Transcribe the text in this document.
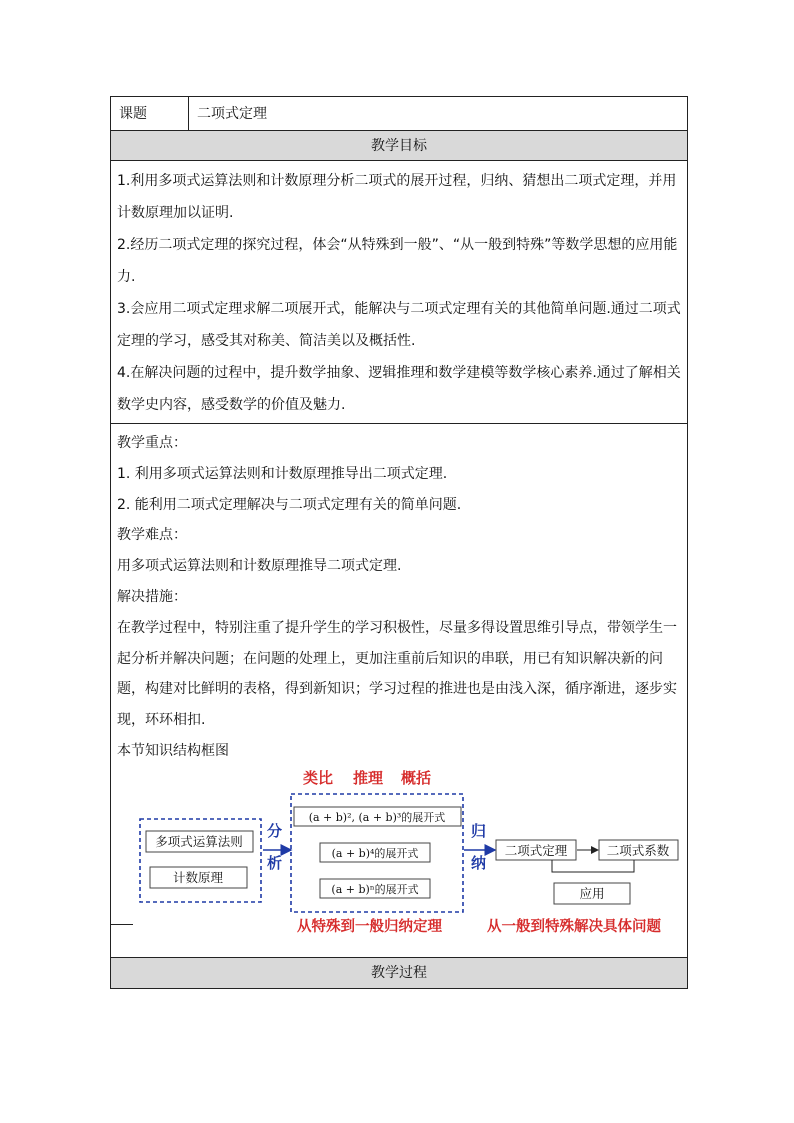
课题	二项式定理
教学目标

1.利用多项式运算法则和计数原理分析二项式的展开过程，归纳、猜想出二项式定理，并用计数原理加以证明.

2.经历二项式定理的探究过程，体会“从特殊到一般”、“从一般到特殊”等数学思想的应用能力.

3.会应用二项式定理求解二项展开式，能解决与二项式定理有关的其他简单问题.通过二项式定理的学习，感受其对称美、简洁美以及概括性.

4.在解决问题的过程中，提升数学抽象、逻辑推理和数学建模等数学核心素养.通过了解相关数学史内容，感受数学的价值及魅力.

教学重点：

1. 利用多项式运算法则和计数原理推导出二项式定理.

2. 能利用二项式定理解决与二项式定理有关的简单问题.

教学难点：

用多项式运算法则和计数原理推导二项式定理.

解决措施：

在教学过程中，特别注重了提升学生的学习积极性，尽量多得设置思维引导点，带领学生一起分析并解决问题；在问题的处理上，更加注重前后知识的串联，用已有知识解决新的问题，构建对比鲜明的表格，得到新知识；学习过程的推进也是由浅入深，循序渐进，逐步实现，环环相扣.

本节知识结构框图

类比 推理 概括
多项式运算法则
计数原理
分
析
(a + b)², (a + b)³的展开式
(a + b)⁴的展开式
(a + b)ⁿ的展开式
归
纳
二项式定理	二项式系数
应用
从特殊到一般归纳定理	从一般到特殊解决具体问题
教学过程
